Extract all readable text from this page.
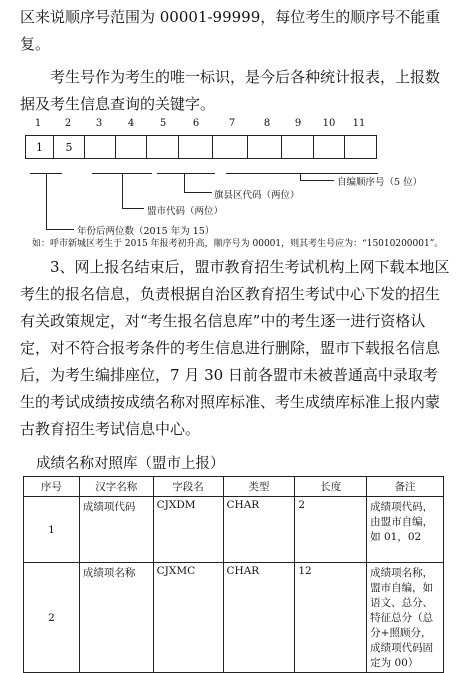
区来说顺序号范围为 00001-99999，每位考生的顺序号不能重复。
考生号作为考生的唯一标识，是今后各种统计报表，上报数据及考生信息查询的关键字。
1 2 3	4	5	6	7	8 9 10 11
1	5
自编顺序号（5 位）
旗县区代码（两位）
盟市代码（两位）
年份后两位数（2015 年为 15）
如：呼市新城区考生于 2015 年报考初升高，顺序号为 00001，则其考生号应为：“15010200001”。
3、网上报名结束后，盟市教育招生考试机构上网下载本地区考生的报名信息，负责根据自治区教育招生考试中心下发的招生有关政策规定，对“考生报名信息库”中的考生逐一进行资格认定，对不符合报考条件的考生信息进行删除，盟市下载报名信息后，为考生编排座位，7 月 30 日前各盟市未被普通高中录取考生的考试成绩按成绩名称对照库标准、考生成绩库标准上报内蒙古教育招生考试信息中心。
成绩名称对照库（盟市上报）
序号	汉字名称	字段名	类型	长度	备注
1	成绩项代码	CJXDM	CHAR	2	成绩项代码，由盟市自编，如 01，02
2	成绩项名称	CJXMC	CHAR	12	成绩项名称，盟市自编，如语文、总分、特征总分（总分+照顾分，成绩项代码固定为 00）
